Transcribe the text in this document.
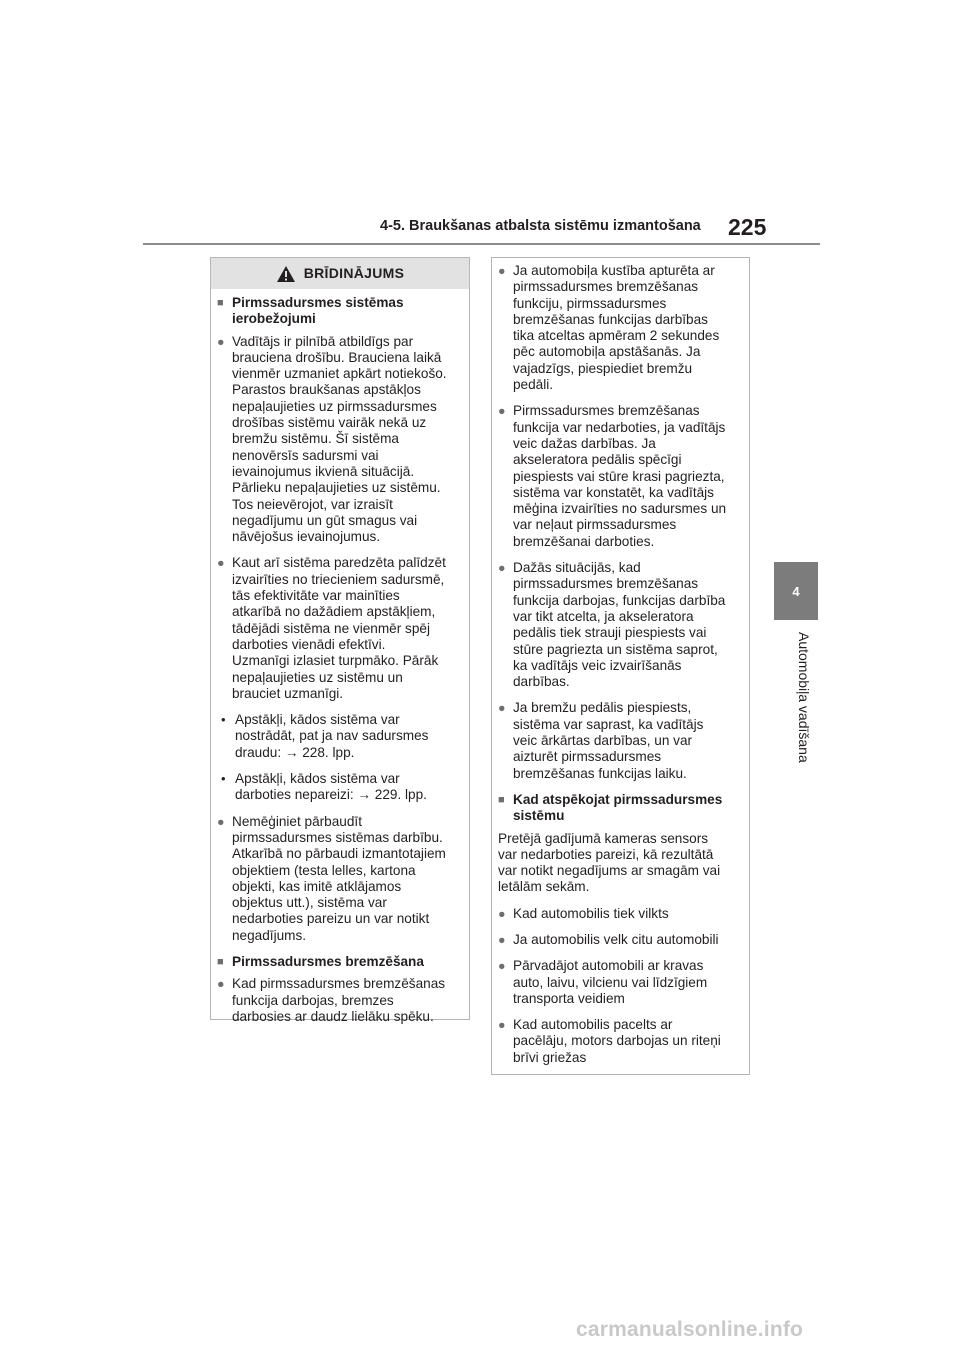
4-5. Braukšanas atbalsta sistēmu izmantošana 225
4
Automobiļa vadīšana
BRĪDINĀJUMS
■ Pirmssadursmes sistēmas
ierobežojumi
● Vadītājs ir pilnībā atbildīgs par
brauciena drošību. Brauciena laikā
vienmēr uzmaniet apkārt notiekošo.
Parastos braukšanas apstākļos
nepaļaujieties uz pirmssadursmes
drošības sistēmu vairāk nekā uz
bremžu sistēmu. Šī sistēma
nenovērsīs sadursmi vai
ievainojumus ikvienā situācijā.
Pārlieku nepaļaujieties uz sistēmu.
Tos neievērojot, var izraisīt
negadījumu un gūt smagus vai
nāvējošus ievainojumus.
● Kaut arī sistēma paredzēta palīdzēt
izvairīties no triecieniem sadursmē,
tās efektivitāte var mainīties
atkarībā no dažādiem apstākļiem,
tādējādi sistēma ne vienmēr spēj
darboties vienādi efektīvi.
Uzmanīgi izlasiet turpmāko. Pārāk
nepaļaujieties uz sistēmu un
brauciet uzmanīgi.
• Apstākļi, kādos sistēma var
nostrādāt, pat ja nav sadursmes
draudu: → 228. lpp.
• Apstākļi, kādos sistēma var
darboties nepareizi: → 229. lpp.
● Nemēģiniet pārbaudīt
pirmssadursmes sistēmas darbību.
Atkarībā no pārbaudi izmantotajiem
objektiem (testa lelles, kartona
objekti, kas imitē atklājamos
objektus utt.), sistēma var
nedarboties pareizu un var notikt
negadījums.
■ Pirmssadursmes bremzēšana
● Kad pirmssadursmes bremzēšanas
funkcija darbojas, bremzes
darbosies ar daudz lielāku spēku.
● Ja automobiļa kustība apturēta ar
pirmssadursmes bremzēšanas
funkciju, pirmssadursmes
bremzēšanas funkcijas darbības
tika atceltas apmēram 2 sekundes
pēc automobiļa apstāšanās. Ja
vajadzīgs, piespiediet bremžu
pedāli.
● Pirmssadursmes bremzēšanas
funkcija var nedarboties, ja vadītājs
veic dažas darbības. Ja
akseleratora pedālis spēcīgi
piespiests vai stūre krasi pagriezta,
sistēma var konstatēt, ka vadītājs
mēģina izvairīties no sadursmes un
var neļaut pirmssadursmes
bremzēšanai darboties.
● Dažās situācijās, kad
pirmssadursmes bremzēšanas
funkcija darbojas, funkcijas darbība
var tikt atcelta, ja akseleratora
pedālis tiek strauji piespiests vai
stūre pagriezta un sistēma saprot,
ka vadītājs veic izvairīšanās
darbības.
● Ja bremžu pedālis piespiests,
sistēma var saprast, ka vadītājs
veic ārkārtas darbības, un var
aizturēt pirmssadursmes
bremzēšanas funkcijas laiku.
■ Kad atspēkojat pirmssadursmes
sistēmu
Pretējā gadījumā kameras sensors
var nedarboties pareizi, kā rezultātā
var notikt negadījums ar smagām vai
letālām sekām.
● Kad automobilis tiek vilkts
● Ja automobilis velk citu automobili
● Pārvadājot automobili ar kravas
auto, laivu, vilcienu vai līdzīgiem
transporta veidiem
● Kad automobilis pacelts ar
pacēlāju, motors darbojas un riteņi
brīvi griežas
carmanualsonline.info
